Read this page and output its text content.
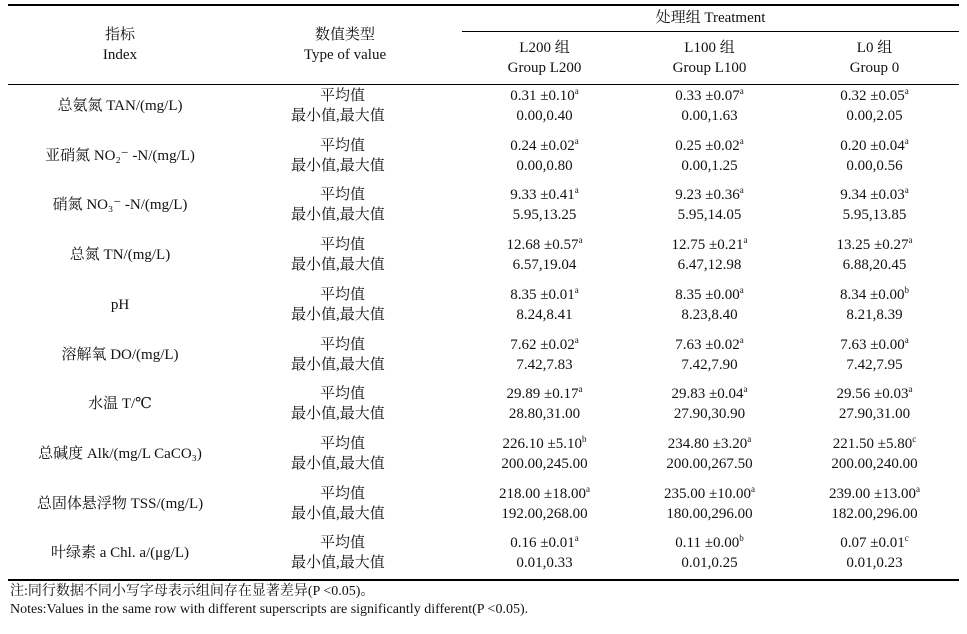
指标
Index
数值类型
Type of value
处理组 Treatment
L200 组
Group L200
L100 组
Group L100
L0 组
Group 0
总氨氮 TAN/(mg/L)
平均值
最小值,最大值
0.31 ±0.10$^a$
0.00,0.40
0.33 ±0.07$^a$
0.00,1.63
0.32 ±0.05$^a$
0.00,2.05
亚硝氮 NO₂⁻ -N/(mg/L)
平均值
最小值,最大值
0.24 ±0.02$^a$
0.00,0.80
0.25 ±0.02$^a$
0.00,1.25
0.20 ±0.04$^a$
0.00,0.56
硝氮 NO₃⁻ -N/(mg/L)
平均值
最小值,最大值
9.33 ±0.41$^a$
5.95,13.25
9.23 ±0.36$^a$
5.95,14.05
9.34 ±0.03$^a$
5.95,13.85
总氮 TN/(mg/L)
平均值
最小值,最大值
12.68 ±0.57$^a$
6.57,19.04
12.75 ±0.21$^a$
6.47,12.98
13.25 ±0.27$^a$
6.88,20.45
pH
平均值
最小值,最大值
8.35 ±0.01$^a$
8.24,8.41
8.35 ±0.00$^a$
8.23,8.40
8.34 ±0.00$^b$
8.21,8.39
溶解氧 DO/(mg/L)
平均值
最小值,最大值
7.62 ±0.02$^a$
7.42,7.83
7.63 ±0.02$^a$
7.42,7.90
7.63 ±0.00$^a$
7.42,7.95
水温 T/℃
平均值
最小值,最大值
29.89 ±0.17$^a$
28.80,31.00
29.83 ±0.04$^a$
27.90,30.90
29.56 ±0.03$^a$
27.90,31.00
总碱度 Alk/(mg/L CaCO₃)
平均值
最小值,最大值
226.10 ±5.10$^b$
200.00,245.00
234.80 ±3.20$^a$
200.00,267.50
221.50 ±5.80$^c$
200.00,240.00
总固体悬浮物 TSS/(mg/L)
平均值
最小值,最大值
218.00 ±18.00$^a$
192.00,268.00
235.00 ±10.00$^a$
180.00,296.00
239.00 ±13.00$^a$
182.00,296.00
叶绿素 a Chl. a/(μg/L)
平均值
最小值,最大值
0.16 ±0.01$^a$
0.01,0.33
0.11 ±0.00$^b$
0.01,0.25
0.07 ±0.01$^c$
0.01,0.23
注:同行数据不同小写字母表示组间存在显著差异(P <0.05)。
Notes:Values in the same row with different superscripts are significantly different(P <0.05).
